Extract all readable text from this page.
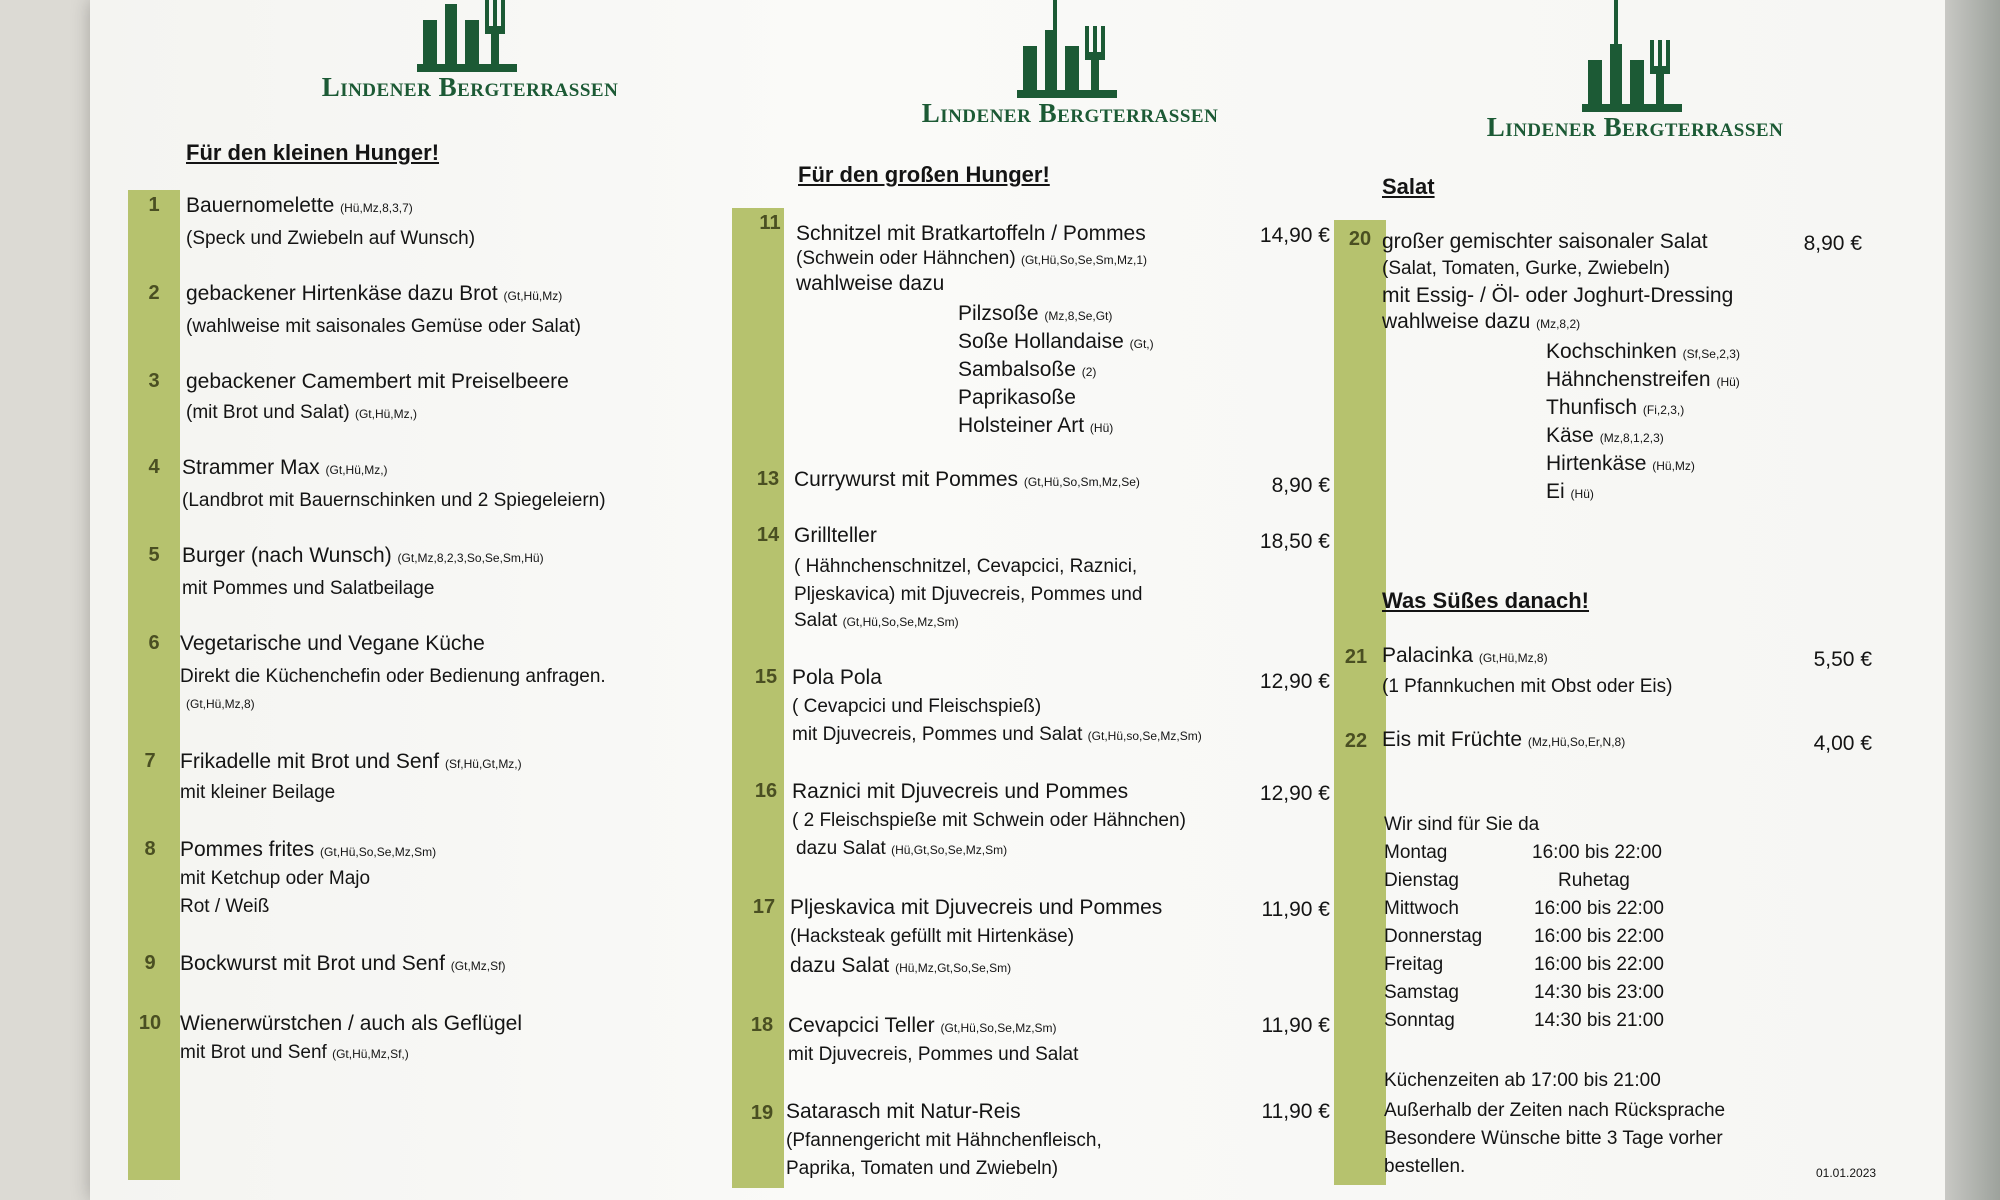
Lindener Bergterrassen
Für den kleinen Hunger!
1	Bauernomelette (Hü,Mz,8,3,7)
(Speck und Zwiebeln auf Wunsch)
2	gebackener Hirtenkäse dazu Brot (Gt,Hü,Mz)
(wahlweise mit saisonales Gemüse oder Salat)
3	gebackener Camembert mit Preiselbeere
(mit Brot und Salat) (Gt,Hü,Mz,)
4	Strammer Max (Gt,Hü,Mz,)
(Landbrot mit Bauernschinken und 2 Spiegeleiern)
5	Burger (nach Wunsch) (Gt,Mz,8,2,3,So,Se,Sm,Hü)
mit Pommes und Salatbeilage
6 Vegetarische und Vegane Küche
Direkt die Küchenchefin oder Bedienung anfragen.
(Gt,Hü,Mz,8)
7	Frikadelle mit Brot und Senf (Sf,Hü,Gt,Mz,)
mit kleiner Beilage
8	Pommes frites (Gt,Hü,So,Se,Mz,Sm)
mit Ketchup oder Majo
Rot / Weiß
9	Bockwurst mit Brot und Senf (Gt,Mz,Sf)
10 Wienerwürstchen / auch als Geflügel
mit Brot und Senf (Gt,Hü,Mz,Sf,)
Lindener Bergterrassen
Für den großen Hunger!
11 Schnitzel mit Bratkartoffeln / Pommes
(Schwein oder Hähnchen) (Gt,Hü,So,Se,Sm,Mz,1)
wahlweise dazu
Pilzsoße (Mz,8,Se,Gt)
Soße Hollandaise (Gt,)
Sambalsoße (2)
Paprikasoße
Holsteiner Art (Hü)
14,90 €
13 Currywurst mit Pommes (Gt,Hü,So,Sm,Mz,Se)	8,90 €
14 Grillteller
( Hähnchenschnitzel, Cevapcici, Raznici,
Pljeskavica) mit Djuvecreis, Pommes und
Salat (Gt,Hü,So,Se,Mz,Sm)
18,50 €
15 Pola Pola
( Cevapcici und Fleischspieß)
mit Djuvecreis, Pommes und Salat (Gt,Hü,so,Se,Mz,Sm)
12,90 €
16 Raznici mit Djuvecreis und Pommes
( 2 Fleischspieße mit Schwein oder Hähnchen)
dazu Salat (Hü,Gt,So,Se,Mz,Sm)
12,90 €
17 Pljeskavica mit Djuvecreis und Pommes
(Hacksteak gefüllt mit Hirtenkäse)
dazu Salat (Hü,Mz,Gt,So,Se,Sm)
11,90 €
18 Cevapcici Teller (Gt,Hü,So,Se,Mz,Sm)
mit Djuvecreis, Pommes und Salat
11,90 €
19 Satarasch mit Natur-Reis
(Pfannengericht mit Hähnchenfleisch,
Paprika, Tomaten und Zwiebeln)
11,90 €
Lindener Bergterrassen
Salat
20 großer gemischter saisonaler Salat
(Salat, Tomaten, Gurke, Zwiebeln)
mit Essig- / Öl- oder Joghurt-Dressing
wahlweise dazu (Mz,8,2)
Kochschinken (Sf,Se,2,3)
Hähnchenstreifen (Hü)
Thunfisch (Fi,2,3,)
Käse (Mz,8,1,2,3)
Hirtenkäse (Hü,Mz)
Ei (Hü)
8,90 €
Was Süßes danach!
21 Palacinka (Gt,Hü,Mz,8)
(1 Pfannkuchen mit Obst oder Eis)
5,50 €
22 Eis mit Früchte (Mz,Hü,So,Er,N,8)	4,00 €
Wir sind für Sie da
Montag	16:00 bis 22:00
Dienstag	Ruhetag
Mittwoch	16:00 bis 22:00
Donnerstag	16:00 bis 22:00
Freitag	16:00 bis 22:00
Samstag	14:30 bis 23:00
Sonntag	14:30 bis 21:00
Küchenzeiten ab 17:00 bis 21:00
Außerhalb der Zeiten nach Rücksprache
Besondere Wünsche bitte 3 Tage vorher
bestellen.	01.01.2023
